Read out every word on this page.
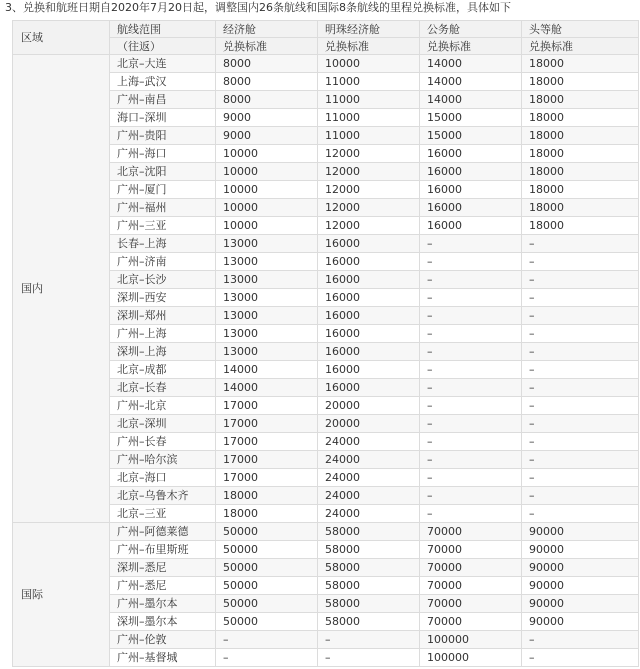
3、兑换和航班日期自2020年7月20日起，调整国内26条航线和国际8条航线的里程兑换标准，具体如下
区域	航线范围	经济舱	明珠经济舱	公务舱	头等舱
	（往返）	兑换标准	兑换标准	兑换标准	兑换标准
国内	北京–大连	8000	10000	14000	18000
	上海–武汉	8000	11000	14000	18000
	广州–南昌	8000	11000	14000	18000
	海口–深圳	9000	11000	15000	18000
	广州–贵阳	9000	11000	15000	18000
	广州–海口	10000	12000	16000	18000
	北京–沈阳	10000	12000	16000	18000
	广州–厦门	10000	12000	16000	18000
	广州–福州	10000	12000	16000	18000
	广州–三亚	10000	12000	16000	18000
	长春–上海	13000	16000	–	–
	广州–济南	13000	16000	–	–
	北京–长沙	13000	16000	–	–
	深圳–西安	13000	16000	–	–
	深圳–郑州	13000	16000	–	–
	广州–上海	13000	16000	–	–
	深圳–上海	13000	16000	–	–
	北京–成都	14000	16000	–	–
	北京–长春	14000	16000	–	–
	广州–北京	17000	20000	–	–
	北京–深圳	17000	20000	–	–
	广州–长春	17000	24000	–	–
	广州–哈尔滨	17000	24000	–	–
	北京–海口	17000	24000	–	–
	北京–乌鲁木齐	18000	24000	–	–
	北京–三亚	18000	24000	–	–
国际	广州–阿德莱德	50000	58000	70000	90000
	广州–布里斯班	50000	58000	70000	90000
	深圳–悉尼	50000	58000	70000	90000
	广州–悉尼	50000	58000	70000	90000
	广州–墨尔本	50000	58000	70000	90000
	深圳–墨尔本	50000	58000	70000	90000
	广州–伦敦	–	–	100000	–
	广州–基督城	–	–	100000	–
